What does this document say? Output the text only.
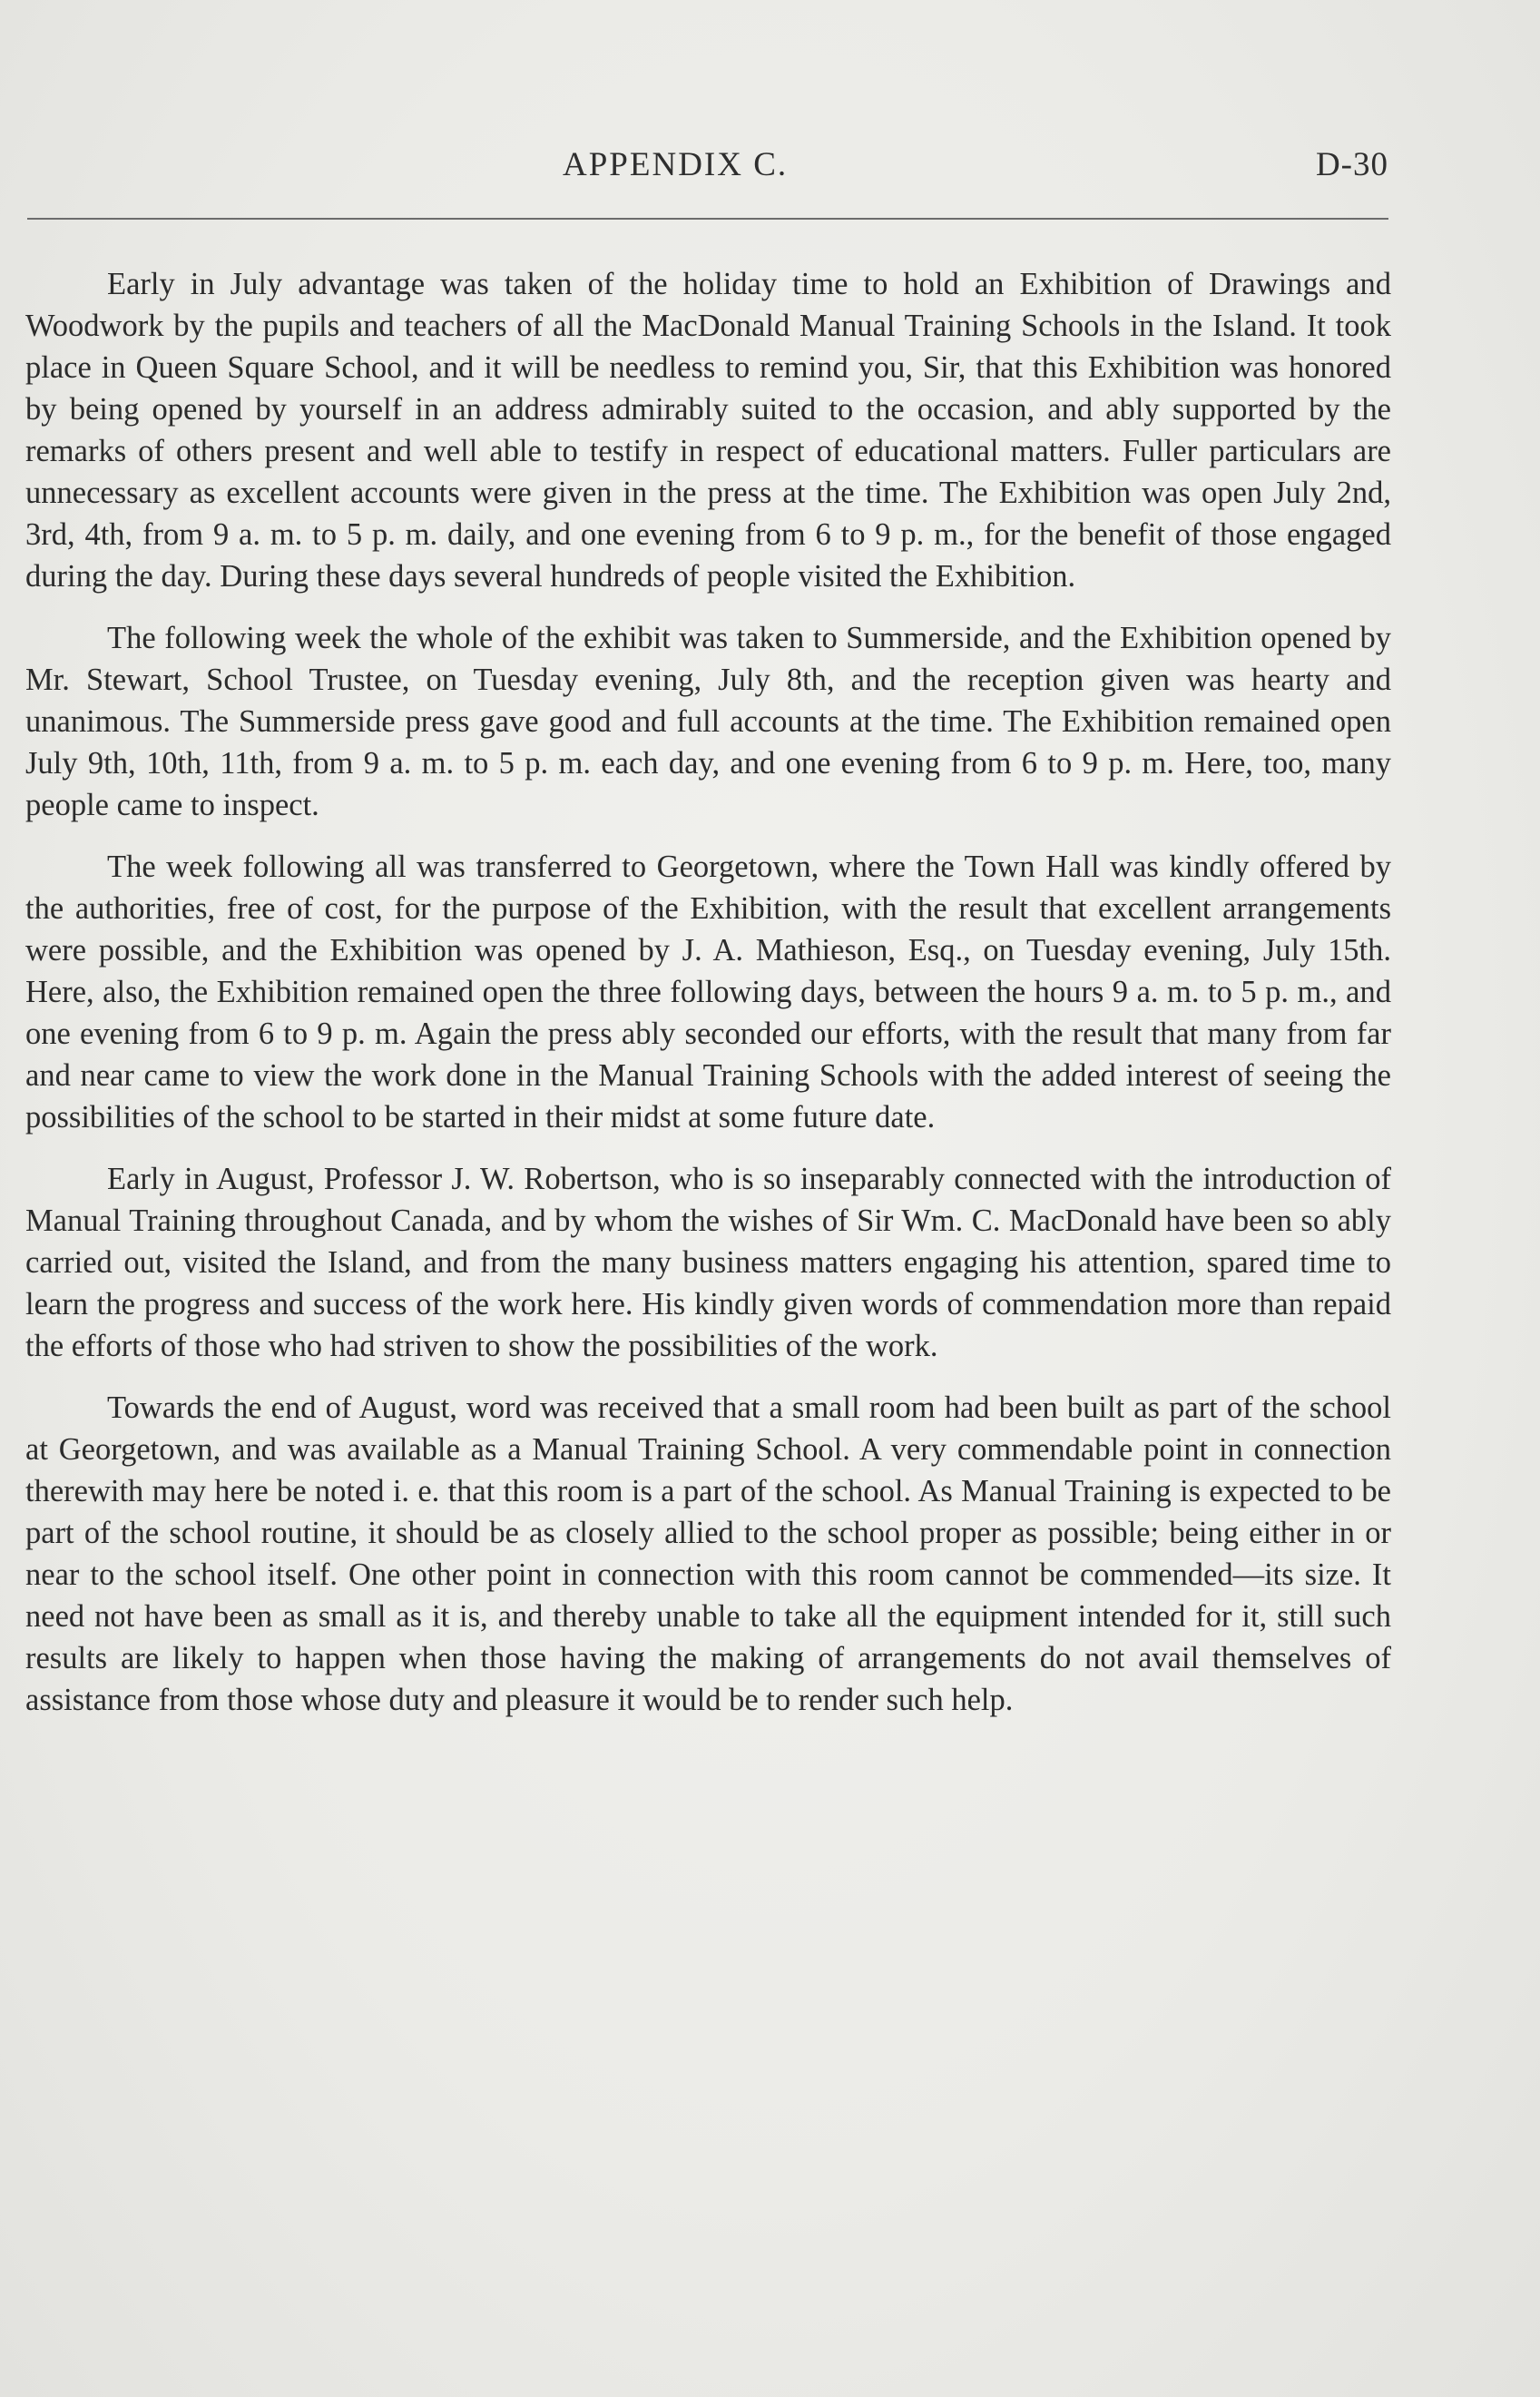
APPENDIX C.	D-30

Early in July advantage was taken of the holiday time to hold an Exhibition of Drawings and Woodwork by the pupils and teachers of all the MacDonald Manual Training Schools in the Island. It took place in Queen Square School, and it will be needless to remind you, Sir, that this Exhibition was honored by being opened by yourself in an address admirably suited to the occasion, and ably supported by the remarks of others present and well able to testify in respect of educational matters. Fuller particulars are unnecessary as excellent accounts were given in the press at the time. The Exhibition was open July 2nd, 3rd, 4th, from 9 a. m. to 5 p. m. daily, and one evening from 6 to 9 p. m., for the benefit of those engaged during the day. During these days several hundreds of people visited the Exhibition.

The following week the whole of the exhibit was taken to Summerside, and the Exhibition opened by Mr. Stewart, School Trustee, on Tuesday evening, July 8th, and the reception given was hearty and unanimous. The Summerside press gave good and full accounts at the time. The Exhibition remained open July 9th, 10th, 11th, from 9 a. m. to 5 p. m. each day, and one evening from 6 to 9 p. m. Here, too, many people came to inspect.

The week following all was transferred to Georgetown, where the Town Hall was kindly offered by the authorities, free of cost, for the purpose of the Exhibition, with the result that excellent arrangements were possible, and the Exhibition was opened by J. A. Mathieson, Esq., on Tuesday evening, July 15th. Here, also, the Exhibition remained open the three following days, between the hours 9 a. m. to 5 p. m., and one evening from 6 to 9 p. m. Again the press ably seconded our efforts, with the result that many from far and near came to view the work done in the Manual Training Schools with the added interest of seeing the possibilities of the school to be started in their midst at some future date.

Early in August, Professor J. W. Robertson, who is so inseparably connected with the introduction of Manual Training throughout Canada, and by whom the wishes of Sir Wm. C. MacDonald have been so ably carried out, visited the Island, and from the many business matters engaging his attention, spared time to learn the progress and success of the work here. His kindly given words of commendation more than repaid the efforts of those who had striven to show the possibilities of the work.

Towards the end of August, word was received that a small room had been built as part of the school at Georgetown, and was available as a Manual Training School. A very commendable point in connection therewith may here be noted i. e. that this room is a part of the school. As Manual Training is expected to be part of the school routine, it should be as closely allied to the school proper as possible; being either in or near to the school itself. One other point in connection with this room cannot be commended—its size. It need not have been as small as it is, and thereby unable to take all the equipment intended for it, still such results are likely to happen when those having the making of arrangements do not avail themselves of assistance from those whose duty and pleasure it would be to render such help.
